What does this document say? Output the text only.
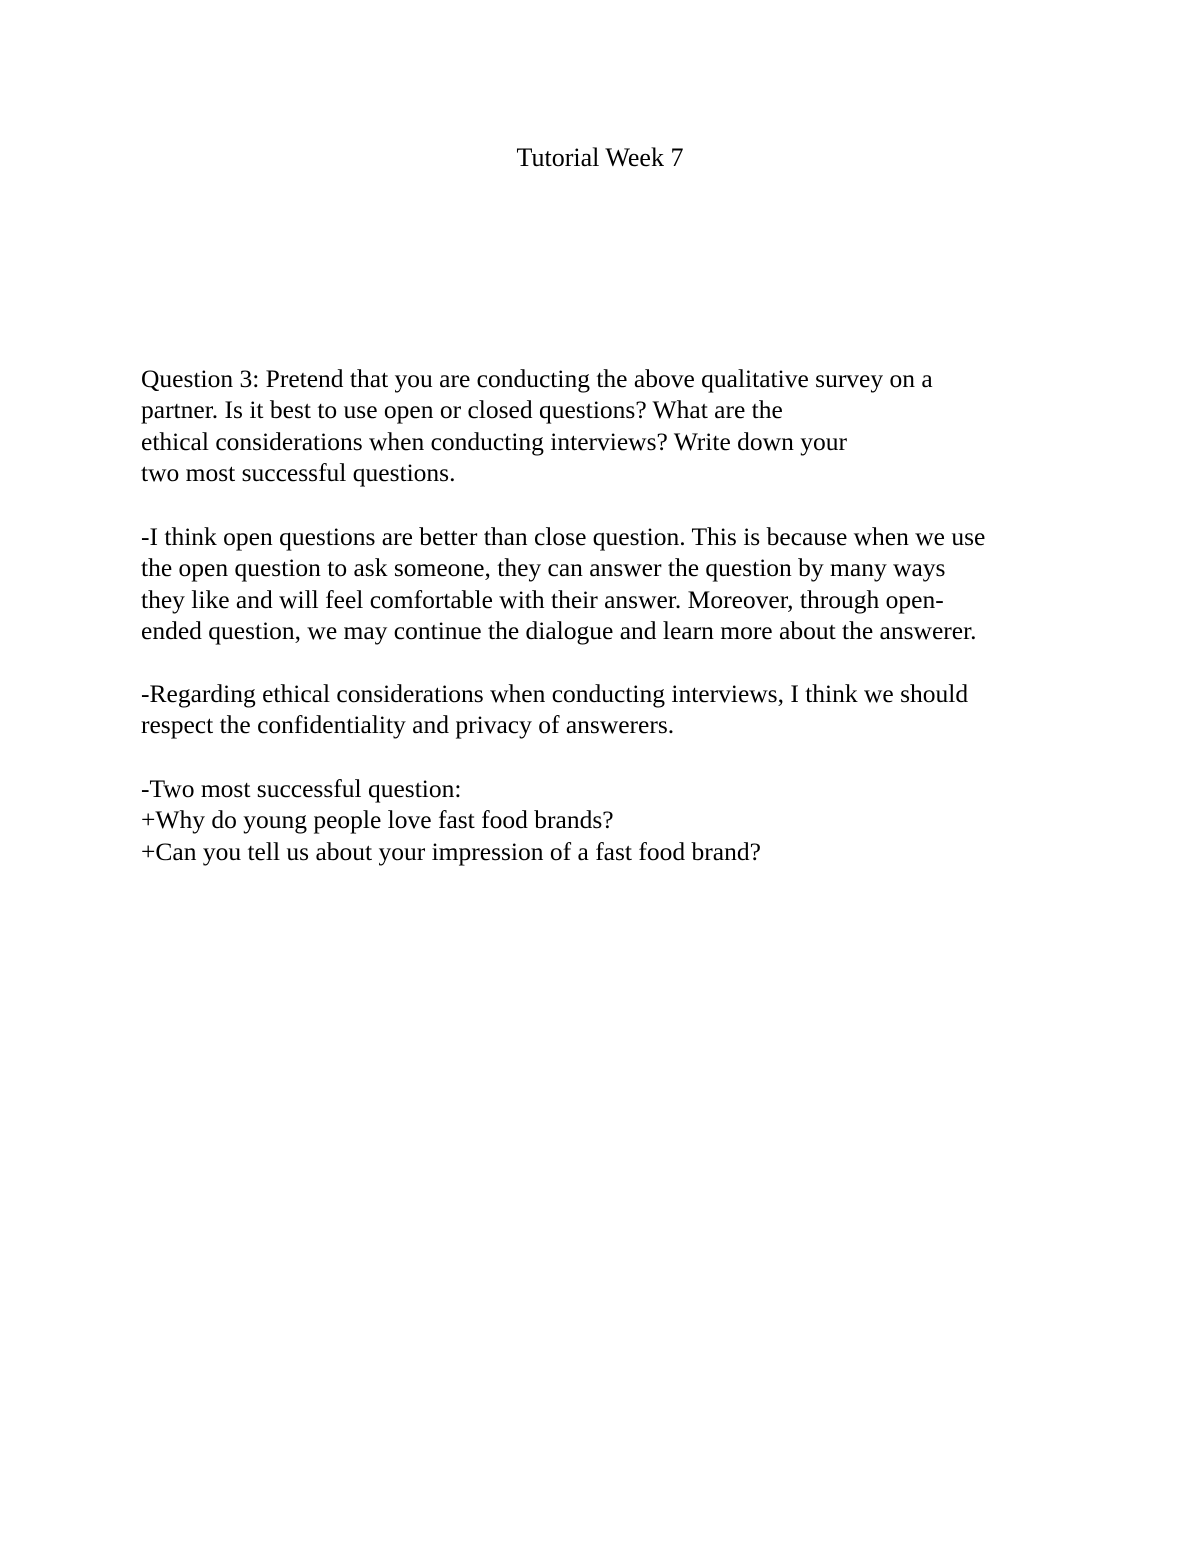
Tutorial Week 7
Question 3: Pretend that you are conducting the above qualitative survey on a
partner. Is it best to use open or closed questions? What are the
ethical considerations when conducting interviews? Write down your
two most successful questions.
-I think open questions are better than close question. This is because when we use
the open question to ask someone, they can answer the question by many ways
they like and will feel comfortable with their answer. Moreover, through open-
ended question, we may continue the dialogue and learn more about the answerer.
-Regarding ethical considerations when conducting interviews, I think we should
respect the confidentiality and privacy of answerers.
-Two most successful question:
+Why do young people love fast food brands?
+Can you tell us about your impression of a fast food brand?
